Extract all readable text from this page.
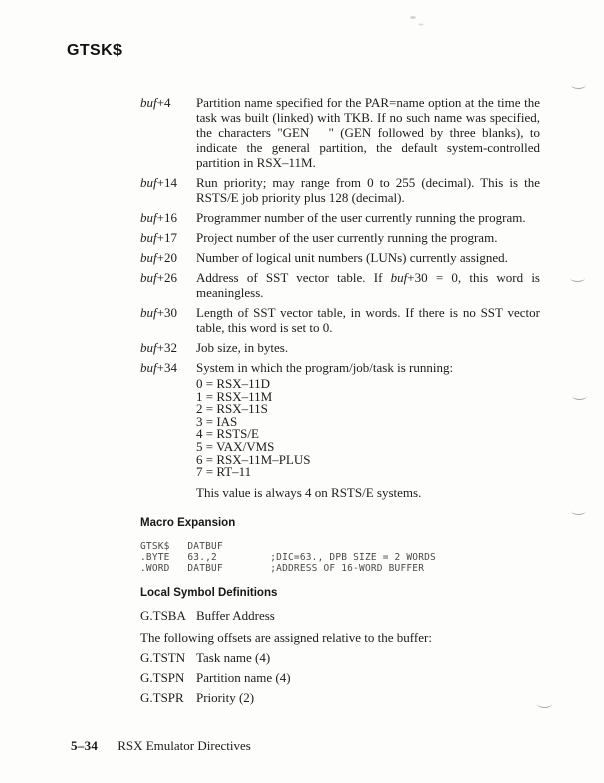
GTSK$
buf+4	Partition name specified for the PAR=name option at the time the task was built (linked) with TKB. If no such name was specified, the characters "GEN   " (GEN followed by three blanks), to indicate the general partition, the default system-controlled partition in RSX–11M.
buf+14	Run priority; may range from 0 to 255 (decimal). This is the RSTS/E job priority plus 128 (decimal).
buf+16	Programmer number of the user currently running the program.
buf+17	Project number of the user currently running the program.
buf+20	Number of logical unit numbers (LUNs) currently assigned.
buf+26	Address of SST vector table. If buf+30 = 0, this word is meaningless.
buf+30	Length of SST vector table, in words. If there is no SST vector table, this word is set to 0.
buf+32	Job size, in bytes.
buf+34	System in which the program/job/task is running:
0 = RSX–11D
1 = RSX–11M
2 = RSX–11S
3 = IAS
4 = RSTS/E
5 = VAX/VMS
6 = RSX–11M–PLUS
7 = RT–11
This value is always 4 on RSTS/E systems.
Macro Expansion
GTSK$   DATBUF
.BYTE   63.,2         ;DIC=63., DPB SIZE = 2 WORDS
.WORD   DATBUF        ;ADDRESS OF 16-WORD BUFFER
Local Symbol Definitions
G.TSBA Buffer Address
The following offsets are assigned relative to the buffer:
G.TSTN Task name (4)
G.TSPN Partition name (4)
G.TSPR Priority (2)
5–34 RSX Emulator Directives
